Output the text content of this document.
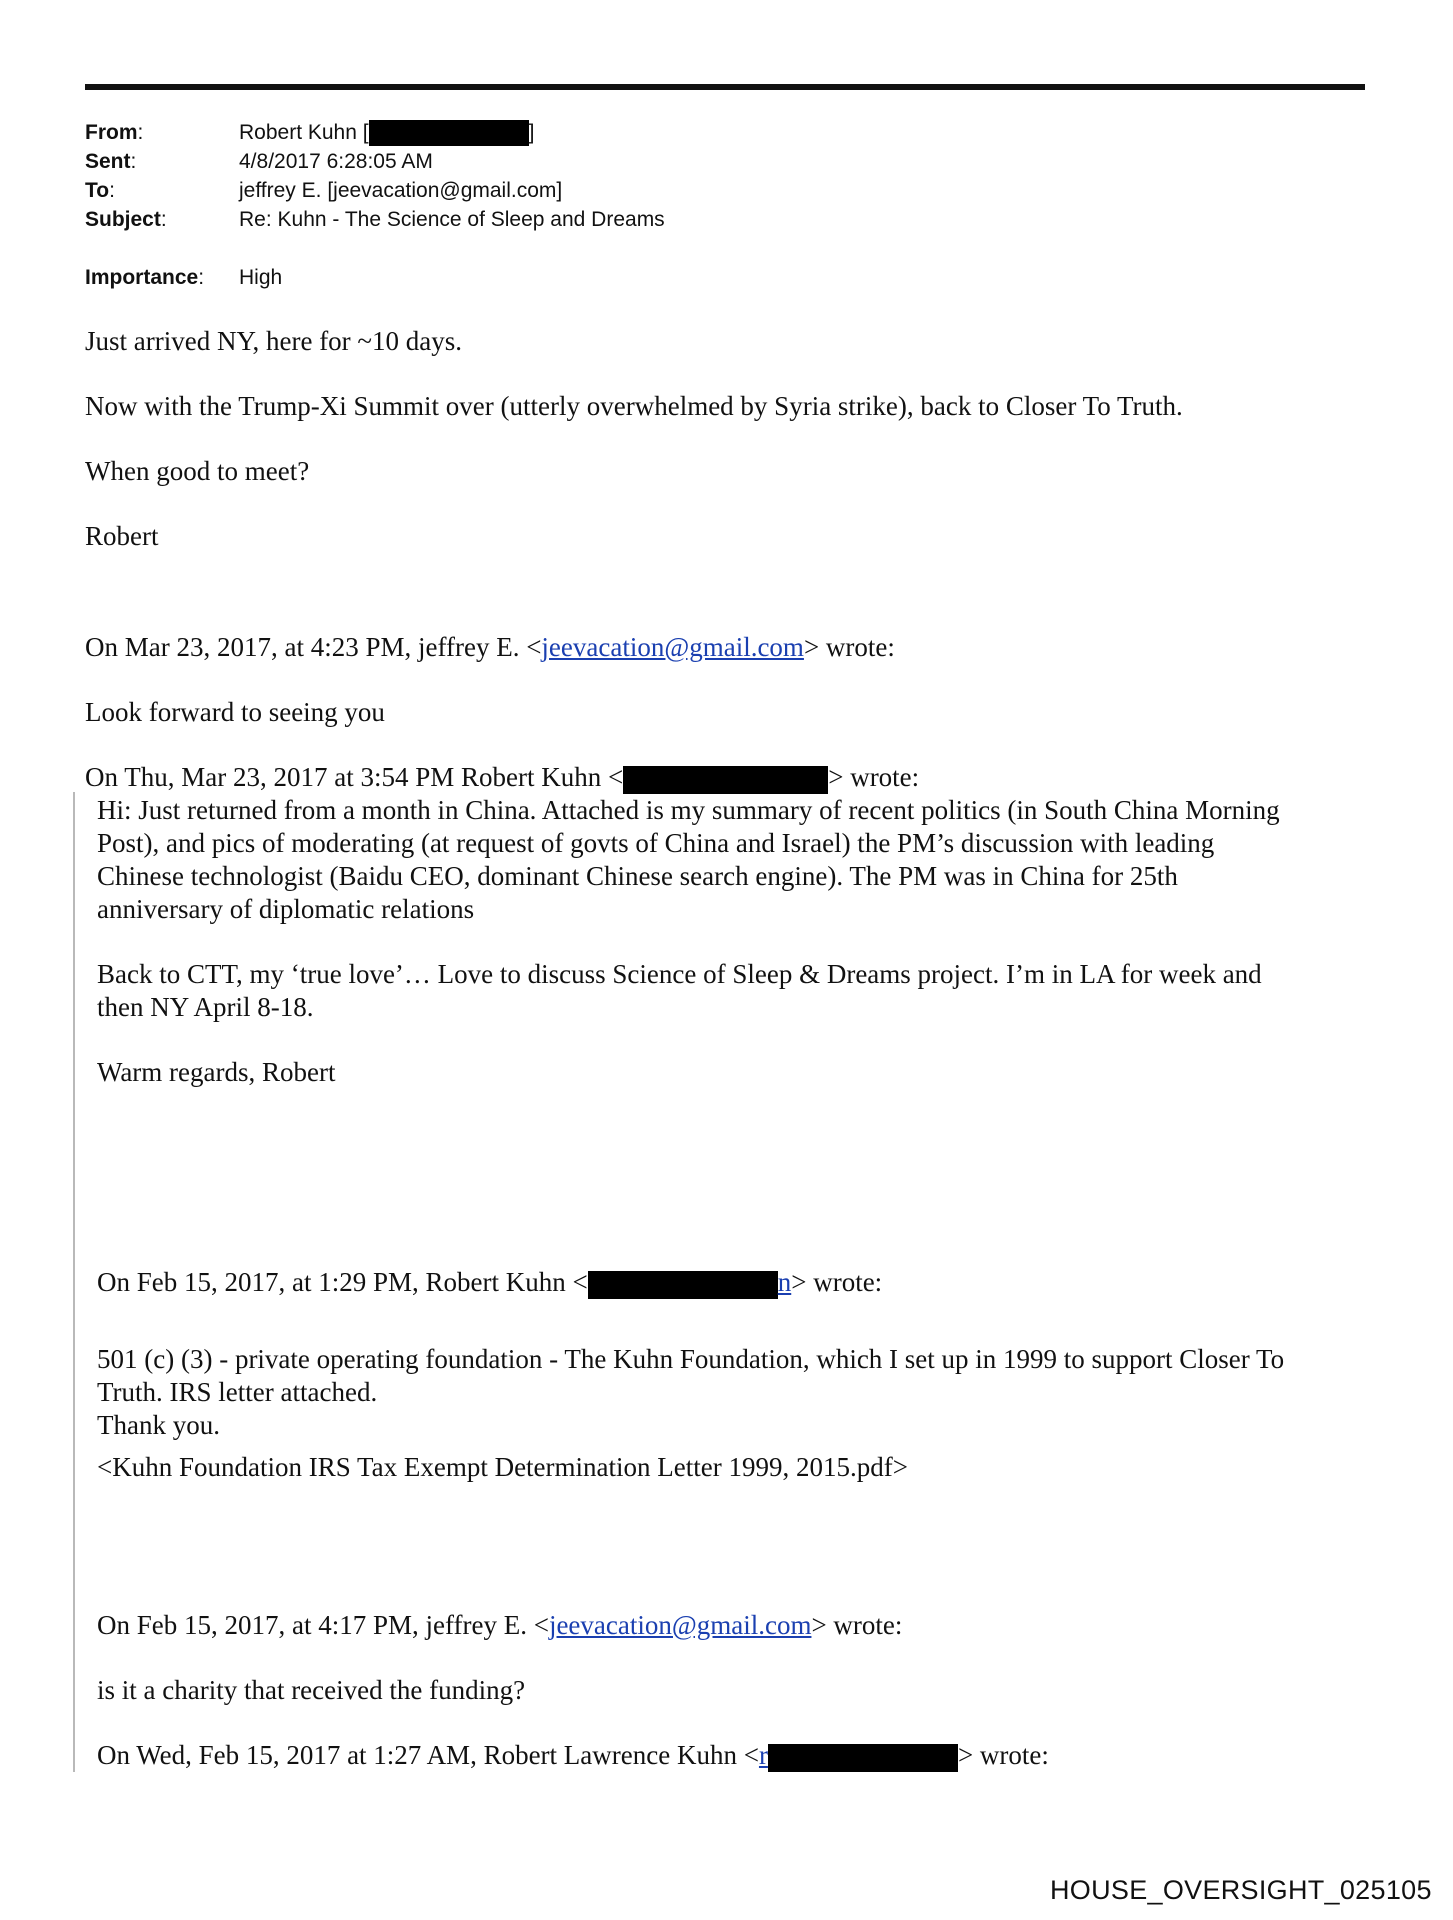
From:	Robert Kuhn [	]
Sent:	4/8/2017 6:28:05 AM
To:	jeffrey E. [jeevacation@gmail.com]
Subject:	Re: Kuhn - The Science of Sleep and Dreams
Importance: High
Just arrived NY, here for ~10 days.
Now with the Trump-Xi Summit over (utterly overwhelmed by Syria strike), back to Closer To Truth.
When good to meet?
Robert
On Mar 23, 2017, at 4:23 PM, jeffrey E. <jeevacation@gmail.com> wrote:
Look forward to seeing you
On Thu, Mar 23, 2017 at 3:54 PM Robert Kuhn <	> wrote:
Hi: Just returned from a month in China. Attached is my summary of recent politics (in South China Morning
Post), and pics of moderating (at request of govts of China and Israel) the PM’s discussion with leading
Chinese technologist (Baidu CEO, dominant Chinese search engine). The PM was in China for 25th
anniversary of diplomatic relations
Back to CTT, my ‘true love’… Love to discuss Science of Sleep & Dreams project. I’m in LA for week and
then NY April 8-18.
Warm regards, Robert
On Feb 15, 2017, at 1:29 PM, Robert Kuhn <	n> wrote:
501 (c) (3) - private operating foundation - The Kuhn Foundation, which I set up in 1999 to support Closer To
Truth. IRS letter attached.
Thank you.
<Kuhn Foundation IRS Tax Exempt Determination Letter 1999, 2015.pdf>
On Feb 15, 2017, at 4:17 PM, jeffrey E. <jeevacation@gmail.com> wrote:
is it a charity that received the funding?
On Wed, Feb 15, 2017 at 1:27 AM, Robert Lawrence Kuhn <r	> wrote:
HOUSE_OVERSIGHT_025105
